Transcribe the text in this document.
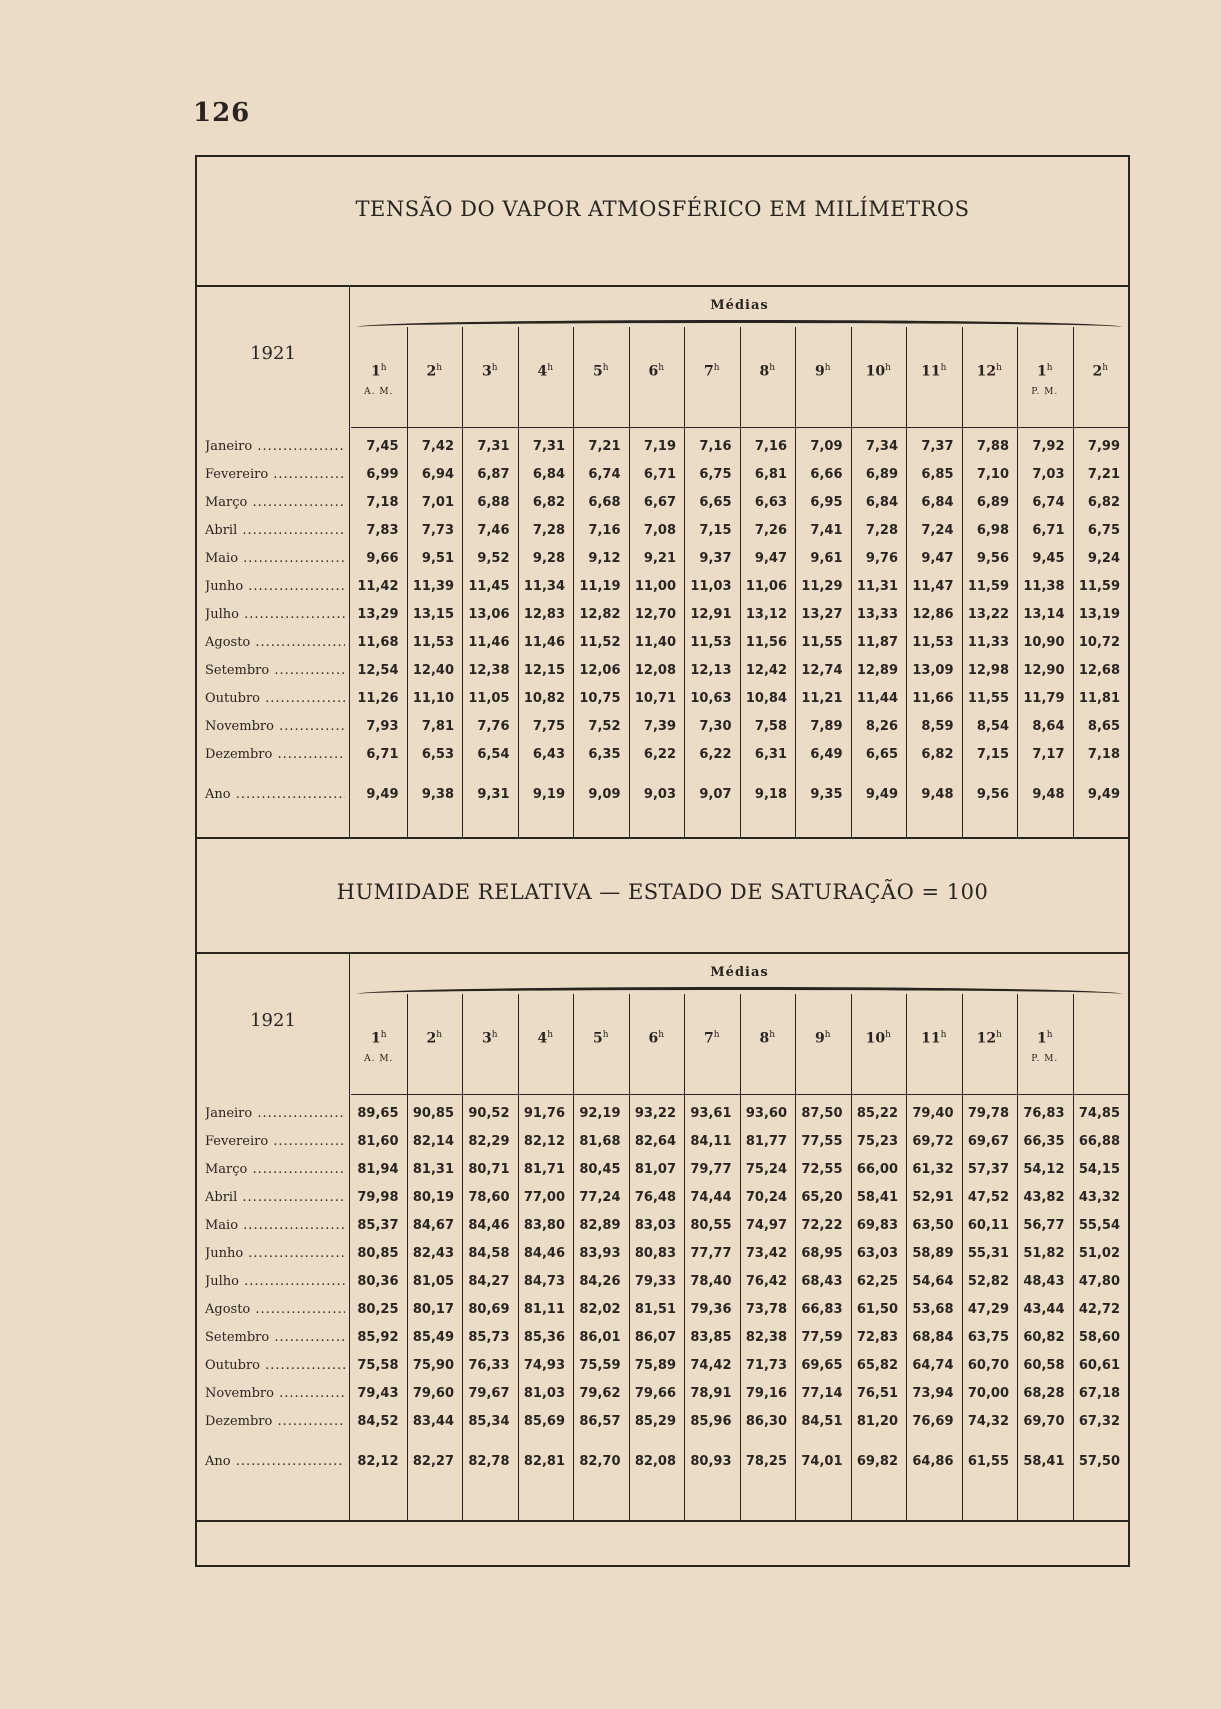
126
TENSÃO DO VAPOR ATMOSFÉRICO EM MILÍMETROS
1921
Médias
1$^h$	2$^h$	3$^h$	4$^h$	5$^h$	6$^h$	7$^h$	8$^h$	9$^h$	10$^h$	11$^h$	12$^h$	1$^h$	2$^h$
A. M.	P. M.
Janeiro .....	7,45	7,42	7,31	7,31	7,21	7,19	7,16	7,16	7,09	7,34	7,37	7,88	7,92	7,99
Fevereiro .....	6,99	6,94	6,87	6,84	6,74	6,71	6,75	6,81	6,66	6,89	6,85	7,10	7,03	7,21
Março .....	7,18	7,01	6,88	6,82	6,68	6,67	6,65	6,63	6,95	6,84	6,84	6,89	6,74	6,82
Abril .....	7,83	7,73	7,46	7,28	7,16	7,08	7,15	7,26	7,41	7,28	7,24	6,98	6,71	6,75
Maio .....	9,66	9,51	9,52	9,28	9,12	9,21	9,37	9,47	9,61	9,76	9,47	9,56	9,45	9,24
Junho .....	11,42	11,39	11,45	11,34	11,19	11,00	11,03	11,06	11,29	11,31	11,47	11,59	11,38	11,59
Julho .....	13,29	13,15	13,06	12,83	12,82	12,70	12,91	13,12	13,27	13,33	12,86	13,22	13,14	13,19
Agosto .....	11,68	11,53	11,46	11,46	11,52	11,40	11,53	11,56	11,55	11,87	11,53	11,33	10,90	10,72
Setembro .....	12,54	12,40	12,38	12,15	12,06	12,08	12,13	12,42	12,74	12,89	13,09	12,98	12,90	12,68
Outubro .....	11,26	11,10	11,05	10,82	10,75	10,71	10,63	10,84	11,21	11,44	11,66	11,55	11,79	11,81
Novembro .....	7,93	7,81	7,76	7,75	7,52	7,39	7,30	7,58	7,89	8,26	8,59	8,54	8,64	8,65
Dezembro .....	6,71	6,53	6,54	6,43	6,35	6,22	6,22	6,31	6,49	6,65	6,82	7,15	7,17	7,18
Ano .....	9,49	9,38	9,31	9,19	9,09	9,03	9,07	9,18	9,35	9,49	9,48	9,56	9,48	9,49
HUMIDADE RELATIVA — ESTADO DE SATURAÇÃO = 100
1921
Médias
1$^h$	2$^h$	3$^h$	4$^h$	5$^h$	6$^h$	7$^h$	8$^h$	9$^h$	10$^h$	11$^h$	12$^h$	1$^h$
A. M.	P. M.
Janeiro .....	89,65	90,85	90,52	91,76	92,19	93,22	93,61	93,60	87,50	85,22	79,40	79,78	76,83	74,85
Fevereiro .....	81,60	82,14	82,29	82,12	81,68	82,64	84,11	81,77	77,55	75,23	69,72	69,67	66,35	66,88
Março .....	81,94	81,31	80,71	81,71	80,45	81,07	79,77	75,24	72,55	66,00	61,32	57,37	54,12	54,15
Abril .....	79,98	80,19	78,60	77,00	77,24	76,48	74,44	70,24	65,20	58,41	52,91	47,52	43,82	43,32
Maio .....	85,37	84,67	84,46	83,80	82,89	83,03	80,55	74,97	72,22	69,83	63,50	60,11	56,77	55,54
Junho .....	80,85	82,43	84,58	84,46	83,93	80,83	77,77	73,42	68,95	63,03	58,89	55,31	51,82	51,02
Julho .....	80,36	81,05	84,27	84,73	84,26	79,33	78,40	76,42	68,43	62,25	54,64	52,82	48,43	47,80
Agosto .....	80,25	80,17	80,69	81,11	82,02	81,51	79,36	73,78	66,83	61,50	53,68	47,29	43,44	42,72
Setembro .....	85,92	85,49	85,73	85,36	86,01	86,07	83,85	82,38	77,59	72,83	68,84	63,75	60,82	58,60
Outubro .....	75,58	75,90	76,33	74,93	75,59	75,89	74,42	71,73	69,65	65,82	64,74	60,70	60,58	60,61
Novembro .....	79,43	79,60	79,67	81,03	79,62	79,66	78,91	79,16	77,14	76,51	73,94	70,00	68,28	67,18
Dezembro .....	84,52	83,44	85,34	85,69	86,57	85,29	85,96	86,30	84,51	81,20	76,69	74,32	69,70	67,32
Ano .....	82,12	82,27	82,78	82,81	82,70	82,08	80,93	78,25	74,01	69,82	64,86	61,55	58,41	57,50
